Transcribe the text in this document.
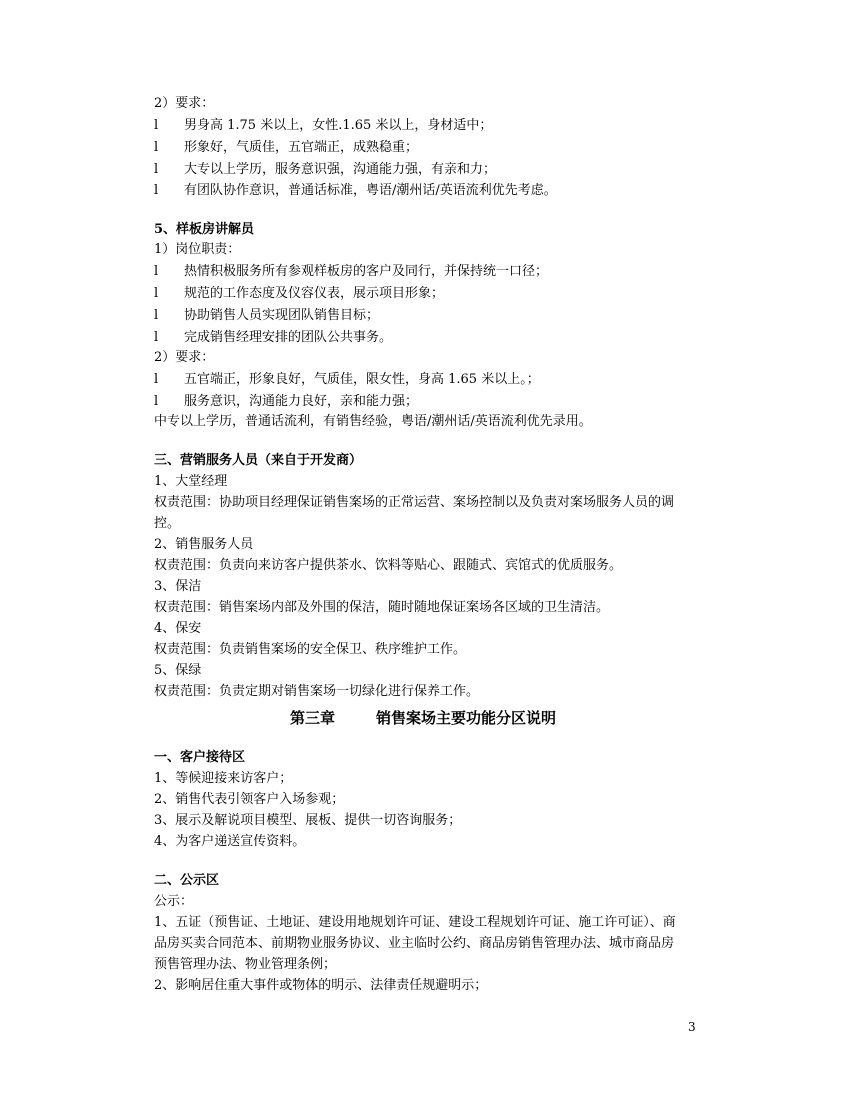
2）要求：
l	男身高 1.75 米以上，女性.1.65 米以上，身材适中；
l	形象好，气质佳，五官端正，成熟稳重；
l	大专以上学历，服务意识强，沟通能力强，有亲和力；
l	有团队协作意识，普通话标准，粤语/潮州话/英语流利优先考虑。
5、样板房讲解员
1）岗位职责：
l	热情积极服务所有参观样板房的客户及同行，并保持统一口径；
l	规范的工作态度及仪容仪表，展示项目形象；
l	协助销售人员实现团队销售目标；
l	完成销售经理安排的团队公共事务。
2）要求：
l	五官端正，形象良好，气质佳，限女性，身高 1.65 米以上。；
l	服务意识，沟通能力良好，亲和能力强；
中专以上学历，普通话流利，有销售经验，粤语/潮州话/英语流利优先录用。
三、营销服务人员（来自于开发商）
1、大堂经理
权责范围：协助项目经理保证销售案场的正常运营、案场控制以及负责对案场服务人员的调
控。
2、销售服务人员
权责范围：负责向来访客户提供茶水、饮料等贴心、跟随式、宾馆式的优质服务。
3、保洁
权责范围：销售案场内部及外围的保洁，随时随地保证案场各区域的卫生清洁。
4、保安
权责范围：负责销售案场的安全保卫、秩序维护工作。
5、保绿
权责范围：负责定期对销售案场一切绿化进行保养工作。
第三章	销售案场主要功能分区说明
一、客户接待区
1、等候迎接来访客户；
2、销售代表引领客户入场参观；
3、展示及解说项目模型、展板、提供一切咨询服务；
4、为客户递送宣传资料。
二、公示区
公示：
1、五证（预售证、土地证、建设用地规划许可证、建设工程规划许可证、施工许可证）、商
品房买卖合同范本、前期物业服务协议、业主临时公约、商品房销售管理办法、城市商品房
预售管理办法、物业管理条例；
2、影响居住重大事件或物体的明示、法律责任规避明示；
3
